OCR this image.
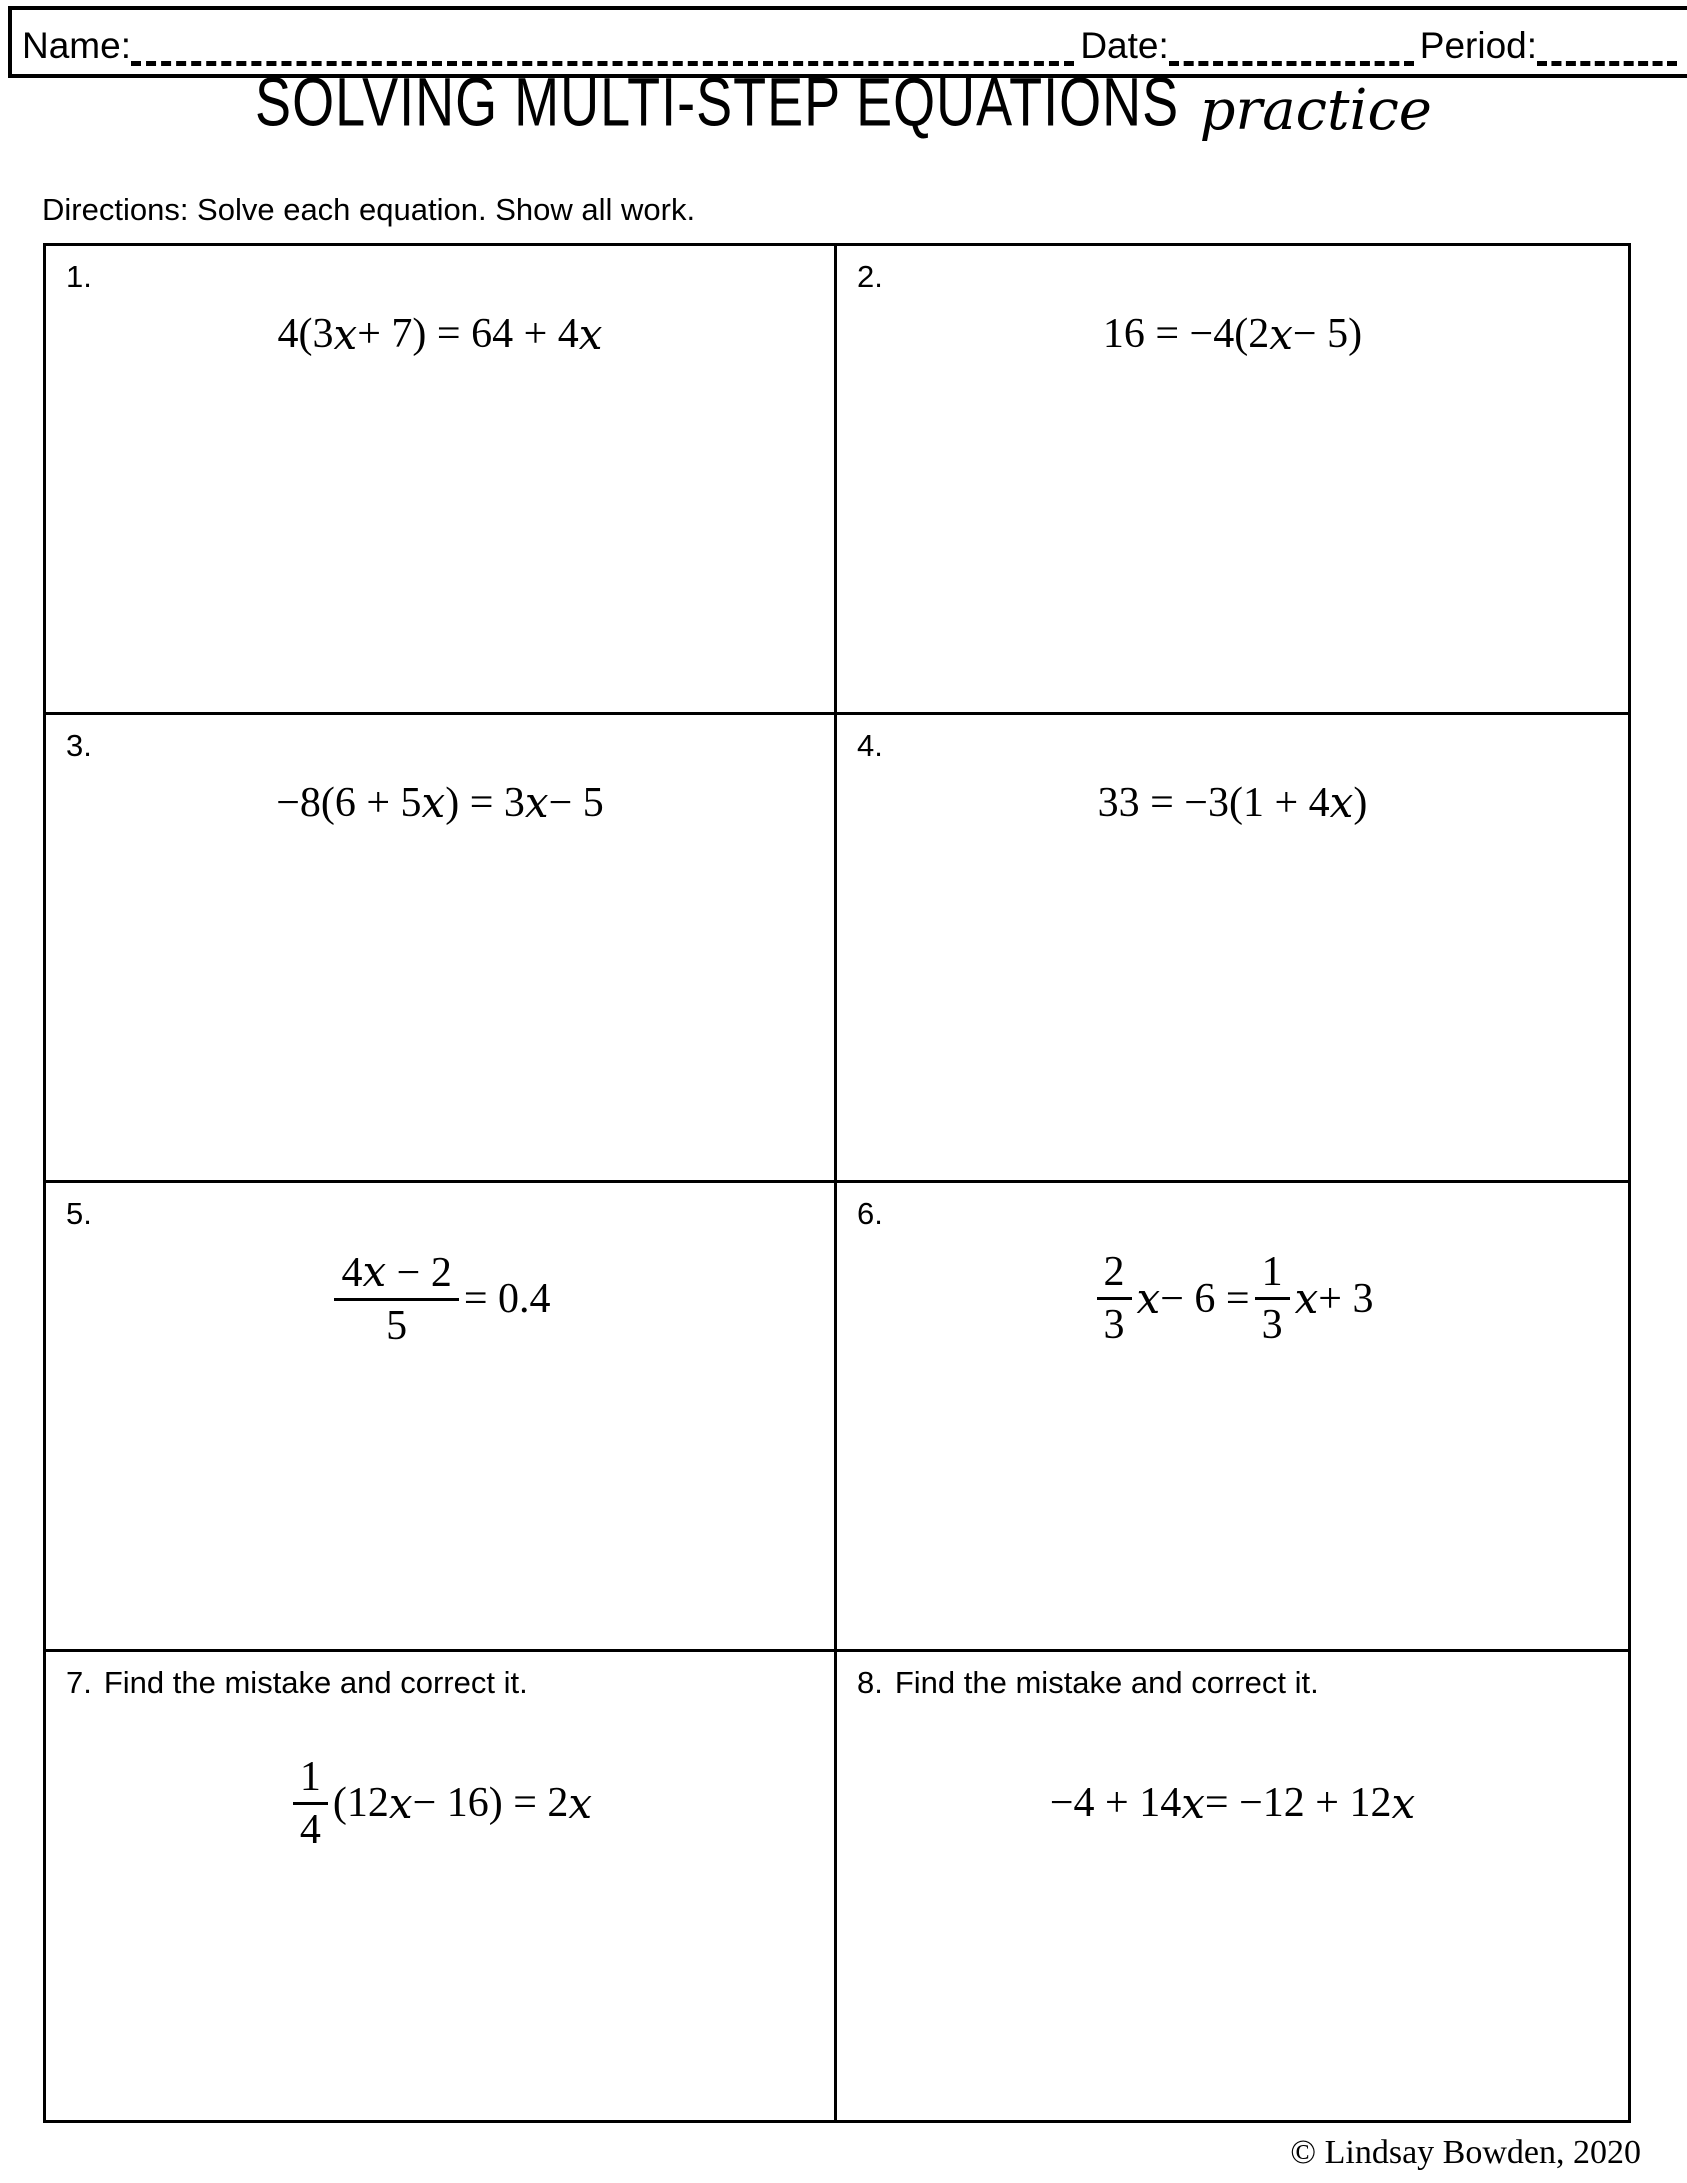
Name:	Date:	Period:
SOLVING MULTI-STEP EQUATIONS practice
Directions: Solve each equation. Show all work.
1.
4(3 x + 7) = 64 + 4 x
2.
16 = −4(2 x − 5)
3.
−8(6 + 5 x ) = 3 x − 5
4.
33 = −3(1 + 4 x )
5.
$\frac{4x - 2}{5} = 0.4$
6.
$\frac{2}{3}$ $x - 6 = \frac{1}{3}$ x + 3
7. Find the mistake and correct it.
$\frac{1}{4} (12$ x − 16) = 2 x
8. Find the mistake and correct it.
−4 + 14 x = −12 + 12 x
© Lindsay Bowden, 2020
